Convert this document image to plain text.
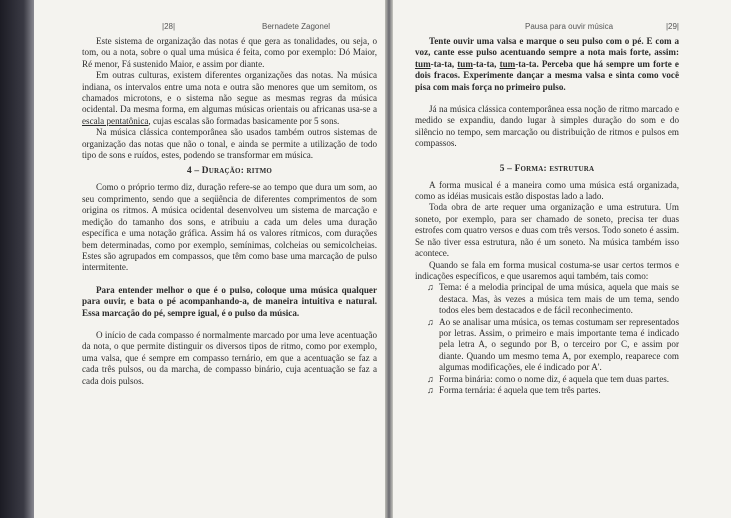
|28|	Bernadete Zagonel

Este sistema de organização das notas é que gera as tonalidades, ou seja, o tom, ou a nota, sobre o qual uma música é feita, como por exemplo: Dó Maior, Ré menor, Fá sustenido Maior, e assim por diante.

Em outras culturas, existem diferentes organizações das notas. Na música indiana, os intervalos entre uma nota e outra são menores que um semitom, os chamados microtons, e o sistema não segue as mesmas regras da música ocidental. Da mesma forma, em algumas músicas orientais ou africanas usa-se a escala pentatônica, cujas escalas são formadas basicamente por 5 sons.

Na música clássica contemporânea são usados também outros sistemas de organização das notas que não o tonal, e ainda se permite a utilização de todo tipo de sons e ruídos, estes, podendo se transformar em música.

4 – Duração: ritmo

Como o próprio termo diz, duração refere-se ao tempo que dura um som, ao seu comprimento, sendo que a seqüência de diferentes comprimentos de som origina os ritmos. A música ocidental desenvolveu um sistema de marcação e medição do tamanho dos sons, e atribuiu a cada um deles uma duração específica e uma notação gráfica. Assim há os valores rítmicos, com durações bem determinadas, como por exemplo, semínimas, colcheias ou semicolcheias. Estes são agrupados em compassos, que têm como base uma marcação de pulso intermitente.

Para entender melhor o que é o pulso, coloque uma música qualquer para ouvir, e bata o pé acompanhando-a, de maneira intuitiva e natural. Essa marcação do pé, sempre igual, é o pulso da música.

O início de cada compasso é normalmente marcado por uma leve acentuação da nota, o que permite distinguir os diversos tipos de ritmo, como por exemplo, uma valsa, que é sempre em compasso ternário, em que a acentuação se faz a cada três pulsos, ou da marcha, de compasso binário, cuja acentuação se faz a cada dois pulsos.

Pausa para ouvir música	|29|

Tente ouvir uma valsa e marque o seu pulso com o pé. E com a voz, cante esse pulso acentuando sempre a nota mais forte, assim: tum-ta-ta, tum-ta-ta, tum-ta-ta. Perceba que há sempre um forte e dois fracos. Experimente dançar a mesma valsa e sinta como você pisa com mais força no primeiro pulso.

Já na música clássica contemporânea essa noção de ritmo marcado e medido se expandiu, dando lugar à simples duração do som e do silêncio no tempo, sem marcação ou distribuição de ritmos e pulsos em compassos.

5 – Forma: estrutura

A forma musical é a maneira como uma música está organizada, como as idéias musicais estão dispostas lado a lado.

Toda obra de arte requer uma organização e uma estrutura. Um soneto, por exemplo, para ser chamado de soneto, precisa ter duas estrofes com quatro versos e duas com três versos. Todo soneto é assim. Se não tiver essa estrutura, não é um soneto. Na música também isso acontece.

Quando se fala em forma musical costuma-se usar certos termos e indicações específicos, e que usaremos aqui também, tais como:

♫ Tema: é a melodia principal de uma música, aquela que mais se destaca. Mas, às vezes a música tem mais de um tema, sendo todos eles bem destacados e de fácil reconhecimento.
♫ Ao se analisar uma música, os temas costumam ser representados por letras. Assim, o primeiro e mais importante tema é indicado pela letra A, o segundo por B, o terceiro por C, e assim por diante. Quando um mesmo tema A, por exemplo, reaparece com algumas modificações, ele é indicado por A'.
♫ Forma binária: como o nome diz, é aquela que tem duas partes.
♫ Forma ternária: é aquela que tem três partes.
